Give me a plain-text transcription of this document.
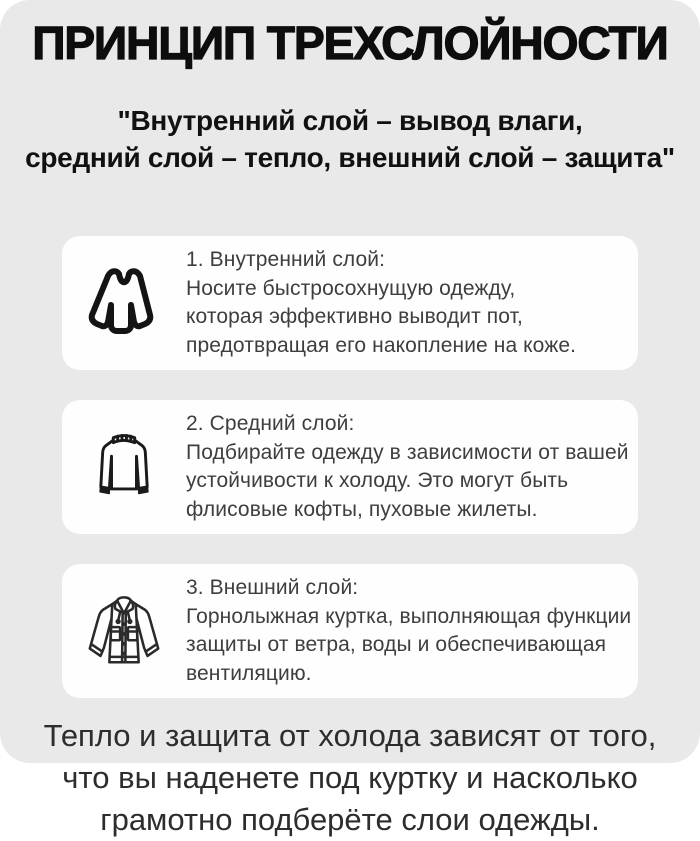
ПРИНЦИП ТРЕХСЛОЙНОСТИ
"Внутренний слой – вывод влаги,
средний слой – тепло, внешний слой – защита"
1. Внутренний слой:
Носите быстросохнущую одежду,
которая эффективно выводит пот,
предотвращая его накопление на коже.
2. Средний слой:
Подбирайте одежду в зависимости от вашей
устойчивости к холоду. Это могут быть
флисовые кофты, пуховые жилеты.
3. Внешний слой:
Горнолыжная куртка, выполняющая функции
защиты от ветра, воды и обеспечивающая
вентиляцию.
Тепло и защита от холода зависят от того,
что вы наденете под куртку и насколько
грамотно подберёте слои одежды.
